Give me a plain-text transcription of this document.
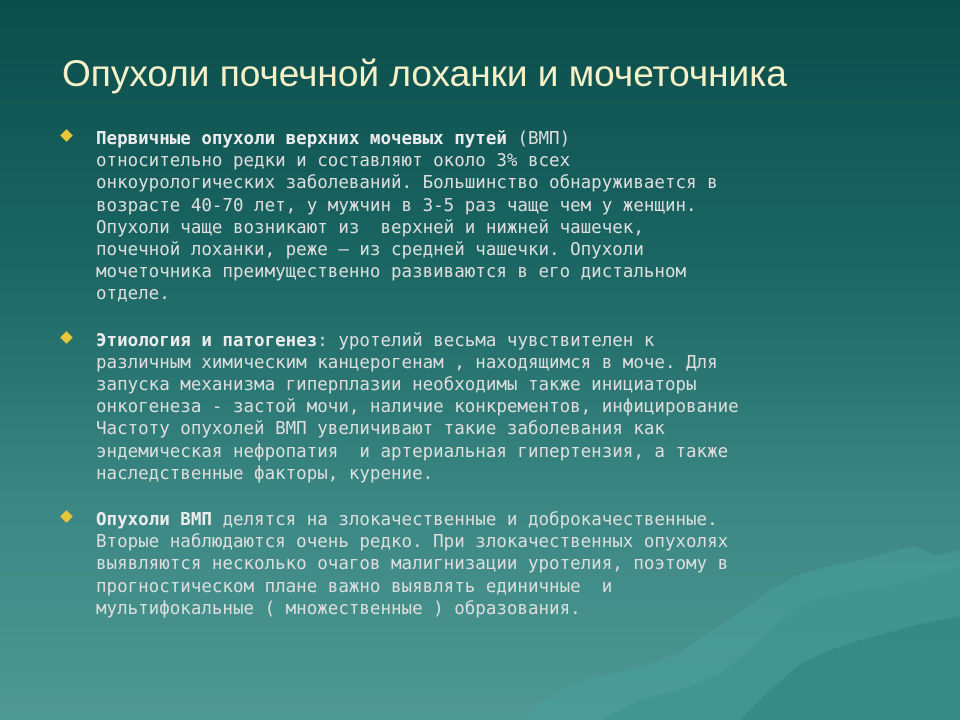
Опухоли почечной лоханки и мочеточника
Первичные опухоли верхних мочевых путей (ВМП)
относительно редки и составляют около 3% всех
онкоурологических заболеваний. Большинство обнаруживается в
возрасте 40-70 лет, у мужчин в 3-5 раз чаще чем у женщин.
Опухоли чаще возникают из  верхней и нижней чашечек,
почечной лоханки, реже – из средней чашечки. Опухоли
мочеточника преимущественно развиваются в его дистальном
отделе.
Этиология и патогенез: уротелий весьма чувствителен к
различным химическим канцерогенам , находящимся в моче. Для
запуска механизма гиперплазии необходимы также инициаторы
онкогенеза - застой мочи, наличие конкрементов, инфицирование
Частоту опухолей ВМП увеличивают такие заболевания как
эндемическая нефропатия  и артериальная гипертензия, а также
наследственные факторы, курение.
Опухоли ВМП делятся на злокачественные и доброкачественные.
Вторые наблюдаются очень редко. При злокачественных опухолях
выявляются несколько очагов малигнизации уротелия, поэтому в
прогностическом плане важно выявлять единичные  и
мультифокальные ( множественные ) образования.
